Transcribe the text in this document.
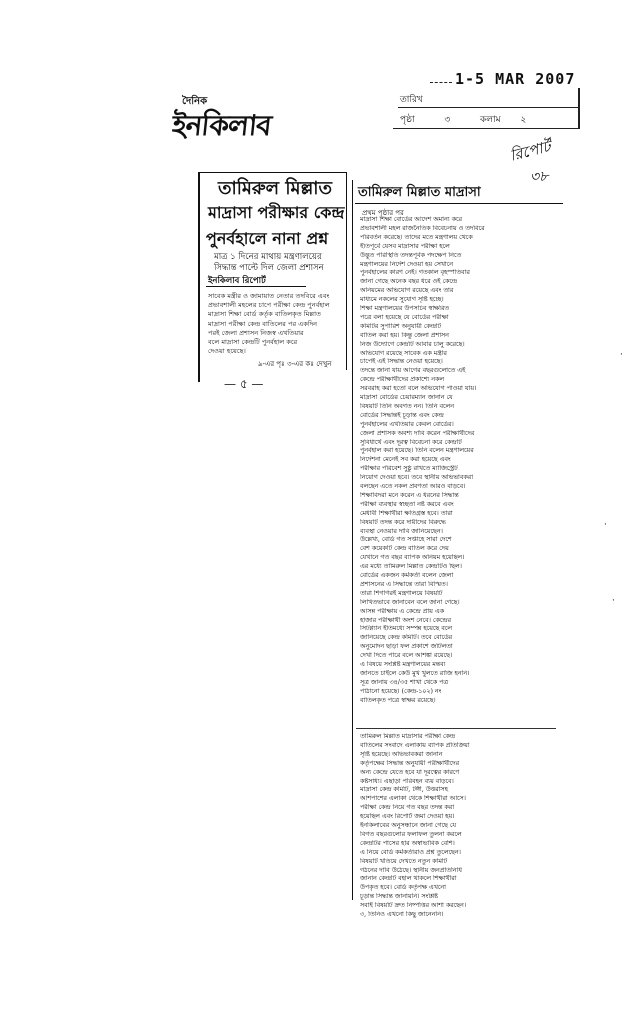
দৈনিক
ইনকিলাব
1-5 MAR 2007
তারিখ
পৃষ্ঠা	৩	কলাম ২
রিপোর্ট
৩৮
তামিরুল মিল্লাত
মাদ্রাসা পরীক্ষার কেন্দ্র
পুনর্বহালে নানা প্রশ্ন
মাত্র ১ দিনের মাথায় মন্ত্রণালয়ের সিদ্ধান্ত পাল্টে দিল জেলা প্রশাসন
ইনকিলাব রিপোর্ট
সাবেক মন্ত্রীর ও জামায়াত নেতার তদবিরে এবং
প্রভাবশালী মহলের চাপে পরীক্ষা কেন্দ্র পুনর্বহাল
মাদ্রাসা শিক্ষা বোর্ড কর্তৃক বাতিলকৃত মিল্লাত
মাদ্রাসা পরীক্ষা কেন্দ্র বাতিলের পর একদিন
পরই জেলা প্রশাসন নিজস্ব এখতিয়ার
বলে মাদ্রাসা কেন্দ্রটি পুনর্বহাল করে
দেওয়া হয়েছে।
৯-এর পৃঃ ৩-এর কঃ দেখুন
— ৫ —
তামিরুল মিল্লাত মাদ্রাসা
প্রথম পৃষ্ঠার পর
মাদ্রাসা শিক্ষা বোর্ডের আদেশ অমান্য করে
প্রভাবশালী মহল রাজনৈতিক বিবেচনায় ও তদবিরে
পরিবর্তন করেছে। তাদের মতে মন্ত্রণালয় থেকে
ইতিপূর্বে যেসব মাদ্রাসার পরীক্ষা হলে
উদ্ভূত পরিস্থিতি তদন্তপূর্বক পদক্ষেপ নিতে
মন্ত্রণালয়ের নির্দেশ দেওয়া হয় সেখানে
পুনর্বহালের কারণ নেই। গতকাল বৃহস্পতিবার
জানা গেছে অনেক বছর ধরে ওই কেন্দ্রে
অনিয়মের অভিযোগ রয়েছে এবং তার
মাধ্যমে নকলের সুযোগ সৃষ্টি হচ্ছে।
শিক্ষা মন্ত্রণালয়ের উপসচিব স্বাক্ষরিত
পত্রে বলা হয়েছে যে বোর্ডের পরীক্ষা
কমিটির সুপারিশ অনুযায়ী কেন্দ্রটি
বাতিল করা হয়। কিন্তু জেলা প্রশাসন
নিজ উদ্যোগে কেন্দ্রটি আবার চালু করেছে।
অভিযোগ রয়েছে সাবেক এক মন্ত্রীর
চাপেই এই সিদ্ধান্ত নেওয়া হয়েছে।
তদন্তে জানা যায় আগের বছরগুলোতে এই
কেন্দ্রে পরীক্ষার্থীদের প্রকাশ্যে নকল
সরবরাহ করা হতো বলে অভিযোগ পাওয়া যায়।
মাদ্রাসা বোর্ডের চেয়ারম্যান জানান যে
বিষয়টি তিনি অবগত নন। তিনি বলেন
বোর্ডের সিদ্ধান্তই চূড়ান্ত এবং কেন্দ্র
পুনর্বহালের এখতিয়ার কেবল বোর্ডের।
জেলা প্রশাসক অবশ্য দাবি করেন পরীক্ষার্থীদের
সুবিধার্থে এবং দূরত্ব বিবেচনা করে কেন্দ্রটি
পুনর্বহাল করা হয়েছে। তিনি বলেন মন্ত্রণালয়ের
নির্দেশনা মেনেই সব করা হয়েছে এবং
পরীক্ষার পরিবেশ সুষ্ঠু রাখতে ম্যাজিস্ট্রেট
নিয়োগ দেওয়া হবে। তবে স্থানীয় অভিভাবকরা
বলছেন এতে নকল প্রবণতা আরও বাড়বে।
শিক্ষাবিদরা মনে করেন এ ধরনের সিদ্ধান্ত
পরীক্ষা ব্যবস্থার স্বচ্ছতা নষ্ট করবে এবং
মেধাবী শিক্ষার্থীরা ক্ষতিগ্রস্ত হবে। তারা
বিষয়টি তদন্ত করে দায়ীদের বিরুদ্ধে
ব্যবস্থা নেওয়ার দাবি জানিয়েছেন।
উল্লেখ্য, বোর্ড গত সপ্তাহে সারা দেশে
বেশ কয়েকটি কেন্দ্র বাতিল করে দেয়
যেখানে গত বছর ব্যাপক অনিয়ম হয়েছিল।
এর মধ্যে তামিরুল মিল্লাত কেন্দ্রটিও ছিল।
বোর্ডের একজন কর্মকর্তা বলেন জেলা
প্রশাসনের এ সিদ্ধান্তে তারা বিস্মিত।
তারা শিগগিরই মন্ত্রণালয়ে বিষয়টি
লিখিতভাবে জানাবেন বলে জানা গেছে।
আসন্ন পরীক্ষায় এ কেন্দ্রে প্রায় এক
হাজার পরীক্ষার্থী অংশ নেবে। কেন্দ্রের
সিটপ্ল্যান ইতিমধ্যে সম্পন্ন হয়েছে বলে
জানিয়েছে কেন্দ্র কমিটি। তবে বোর্ডের
অনুমোদন ছাড়া ফল প্রকাশে জটিলতা
দেখা দিতে পারে বলে আশঙ্কা রয়েছে।
এ বিষয়ে সংশ্লিষ্ট মন্ত্রণালয়ের মন্তব্য
জানতে চাইলে কেউ মুখ খুলতে রাজি হননি।
সূত্র জানায় ৩৪/৩৫ শাখা থেকে পত্র
পাঠানো হয়েছে। (কেন্দ্র-১০২) নং
বাতিলকৃত পত্রে স্বাক্ষর রয়েছে।
তামিরুল মিল্লাত মাদ্রাসার পরীক্ষা কেন্দ্র
বাতিলের সংবাদে এলাকায় ব্যাপক প্রতিক্রিয়া
সৃষ্টি হয়েছে। অভিভাবকরা জানান
কর্তৃপক্ষের সিদ্ধান্ত অনুযায়ী পরীক্ষার্থীদের
অন্য কেন্দ্রে যেতে হবে যা দূরত্বের কারণে
কষ্টসাধ্য। এছাড়া পরিবহন ব্যয় বাড়বে।
মাদ্রাসা কেন্দ্র কমিটি, টঙ্গী, উত্তরাসহ
আশপাশের এলাকা থেকে শিক্ষার্থীরা আসে।
পরীক্ষা কেন্দ্র নিয়ে গত বছর তদন্ত করা
হয়েছিল এবং রিপোর্ট জমা দেওয়া হয়।
ইনকিলাবের অনুসন্ধানে জানা গেছে যে
বিগত বছরগুলোর ফলাফল তুলনা করলে
কেন্দ্রটির পাসের হার অস্বাভাবিক বেশি।
এ নিয়ে বোর্ড কর্মকর্তারাও প্রশ্ন তুলেছেন।
বিষয়টি খতিয়ে দেখতে নতুন কমিটি
গঠনের দাবি উঠেছে। স্থানীয় জনপ্রতিনিধি
জানান কেন্দ্রটি বহাল থাকলে শিক্ষার্থীরা
উপকৃত হবে। বোর্ড কর্তৃপক্ষ এখনো
চূড়ান্ত সিদ্ধান্ত জানায়নি। সংশ্লিষ্ট
সবাই বিষয়টি দ্রুত নিষ্পত্তির আশা করছেন।
৩, তিনিও এখনো কিছু জানেননি।
·
·
·
